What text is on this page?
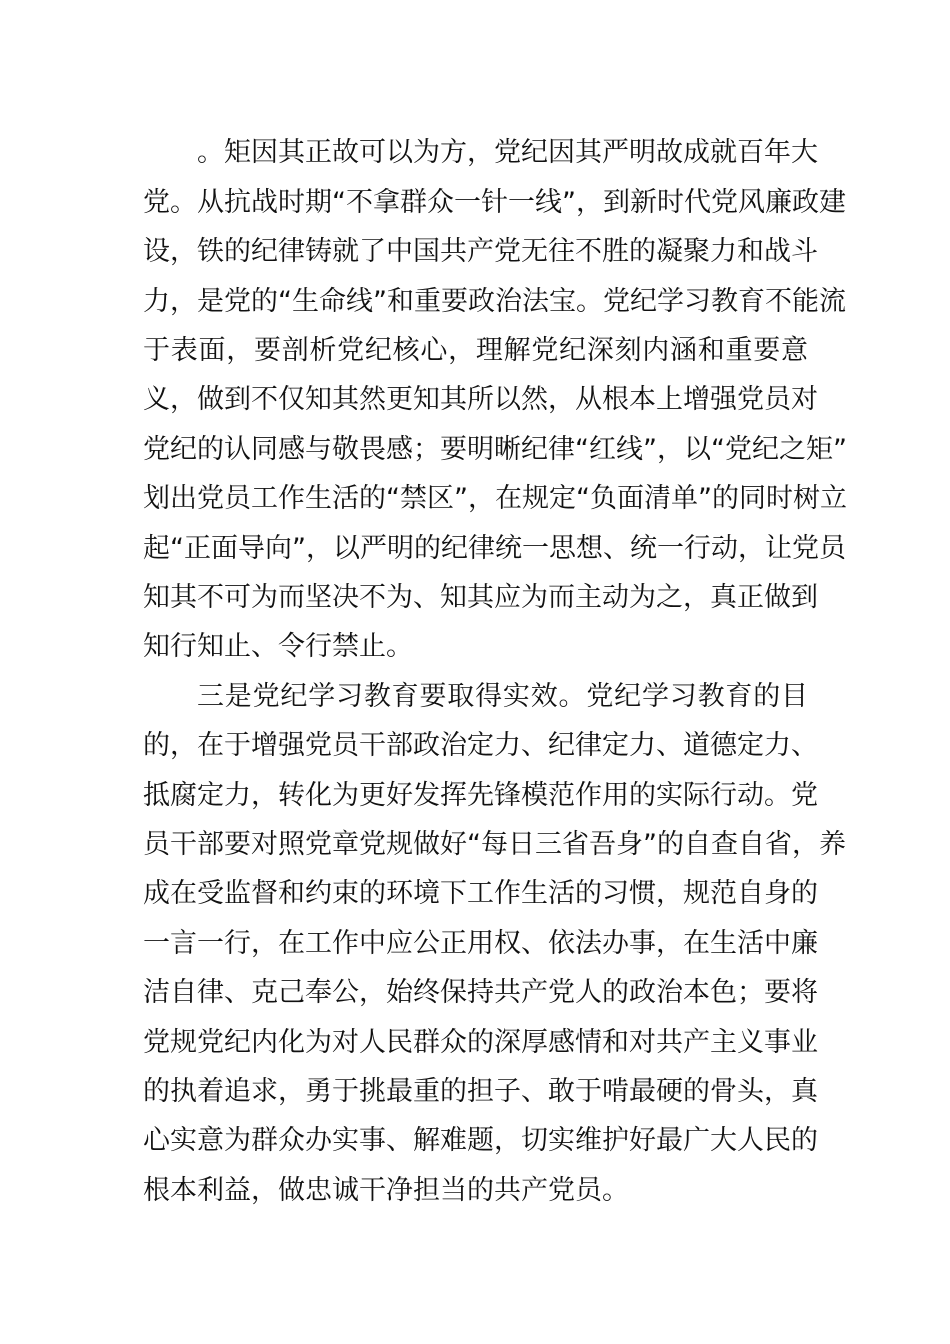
。矩因其正故可以为方，党纪因其严明故成就百年大

党。从抗战时期“不拿群众一针一线”，到新时代党风廉政建

设，铁的纪律铸就了中国共产党无往不胜的凝聚力和战斗

力，是党的“生命线”和重要政治法宝。党纪学习教育不能流

于表面，要剖析党纪核心，理解党纪深刻内涵和重要意

义，做到不仅知其然更知其所以然，从根本上增强党员对

党纪的认同感与敬畏感；要明晰纪律“红线”，以“党纪之矩”

划出党员工作生活的“禁区”，在规定“负面清单”的同时树立

起“正面导向”，以严明的纪律统一思想、统一行动，让党员

知其不可为而坚决不为、知其应为而主动为之，真正做到

知行知止、令行禁止。

三是党纪学习教育要取得实效。党纪学习教育的目

的，在于增强党员干部政治定力、纪律定力、道德定力、

抵腐定力，转化为更好发挥先锋模范作用的实际行动。党

员干部要对照党章党规做好“每日三省吾身”的自查自省，养

成在受监督和约束的环境下工作生活的习惯，规范自身的

一言一行，在工作中应公正用权、依法办事，在生活中廉

洁自律、克己奉公，始终保持共产党人的政治本色；要将

党规党纪内化为对人民群众的深厚感情和对共产主义事业

的执着追求，勇于挑最重的担子、敢于啃最硬的骨头，真

心实意为群众办实事、解难题，切实维护好最广大人民的

根本利益，做忠诚干净担当的共产党员。
